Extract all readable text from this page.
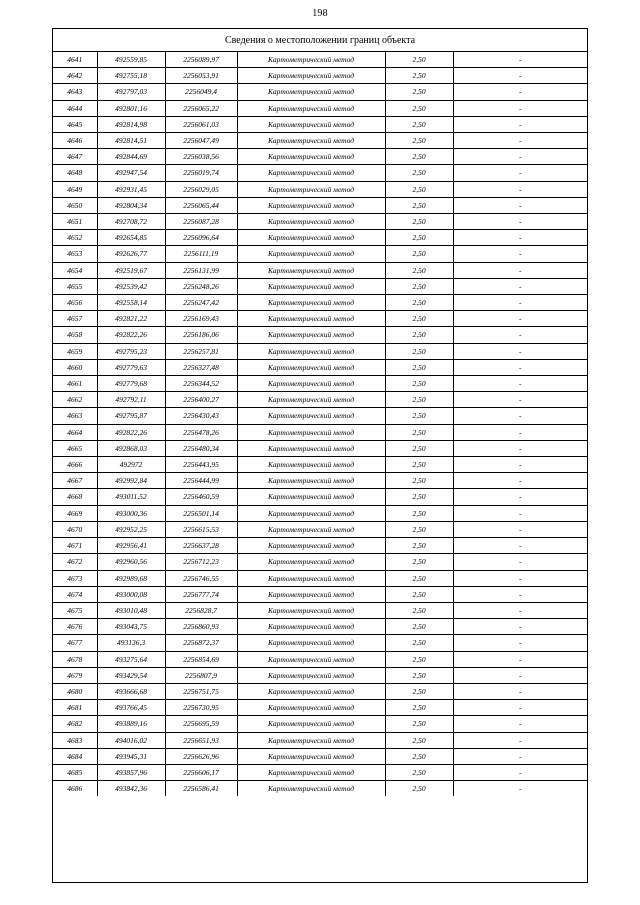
198
Сведения о местоположении границ объекта
4641	492559,85	2256089,97	Картометрический метод	2,50	-
4642	492755,18	2256053,91	Картометрический метод	2,50	-
4643	492797,03	2256049,4	Картометрический метод	2,50	-
4644	492801,16	2256065,22	Картометрический метод	2,50	-
4645	492814,98	2256061,03	Картометрический метод	2,50	-
4646	492814,51	2256047,49	Картометрический метод	2,50	-
4647	492844,69	2256038,56	Картометрический метод	2,50	-
4648	492947,54	2256019,74	Картометрический метод	2,50	-
4649	492931,45	2256029,05	Картометрический метод	2,50	-
4650	492804,34	2256065,44	Картометрический метод	2,50	-
4651	492708,72	2256087,28	Картометрический метод	2,50	-
4652	492654,85	2256096,64	Картометрический метод	2,50	-
4653	492626,77	2256111,19	Картометрический метод	2,50	-
4654	492519,67	2256131,99	Картометрический метод	2,50	-
4655	492539,42	2256248,26	Картометрический метод	2,50	-
4656	492558,14	2256247,42	Картометрический метод	2,50	-
4657	492821,22	2256169,43	Картометрический метод	2,50	-
4658	492822,26	2256186,06	Картометрический метод	2,50	-
4659	492795,23	2256257,81	Картометрический метод	2,50	-
4660	492779,63	2256327,48	Картометрический метод	2,50	-
4661	492779,68	2256344,52	Картометрический метод	2,50	-
4662	492792,11	2256400,27	Картометрический метод	2,50	-
4663	492795,87	2256430,43	Картометрический метод	2,50	-
4664	492822,26	2256478,26	Картометрический метод	2,50	-
4665	492868,03	2256480,34	Картометрический метод	2,50	-
4666	492972	2256443,95	Картометрический метод	2,50	-
4667	492992,84	2256444,99	Картометрический метод	2,50	-
4668	493011,52	2256460,59	Картометрический метод	2,50	-
4669	493000,36	2256501,14	Картометрический метод	2,50	-
4670	492952,25	2256615,53	Картометрический метод	2,50	-
4671	492956,41	2256637,28	Картометрический метод	2,50	-
4672	492960,56	2256712,23	Картометрический метод	2,50	-
4673	492989,68	2256746,55	Картометрический метод	2,50	-
4674	493000,08	2256777,74	Картометрический метод	2,50	-
4675	493010,48	2256828,7	Картометрический метод	2,50	-
4676	493043,75	2256860,93	Картометрический метод	2,50	-
4677	493136,3	2256872,37	Картометрический метод	2,50	-
4678	493275,64	2256854,69	Картометрический метод	2,50	-
4679	493429,54	2256807,9	Картометрический метод	2,50	-
4680	493666,68	2256751,75	Картометрический метод	2,50	-
4681	493766,45	2256730,95	Картометрический метод	2,50	-
4682	493889,16	2256695,59	Картометрический метод	2,50	-
4683	494016,02	2256651,93	Картометрический метод	2,50	-
4684	493945,31	2256626,96	Картометрический метод	2,50	-
4685	493857,96	2256606,17	Картометрический метод	2,50	-
4686	493842,36	2256586,41	Картометрический метод	2,50	-
